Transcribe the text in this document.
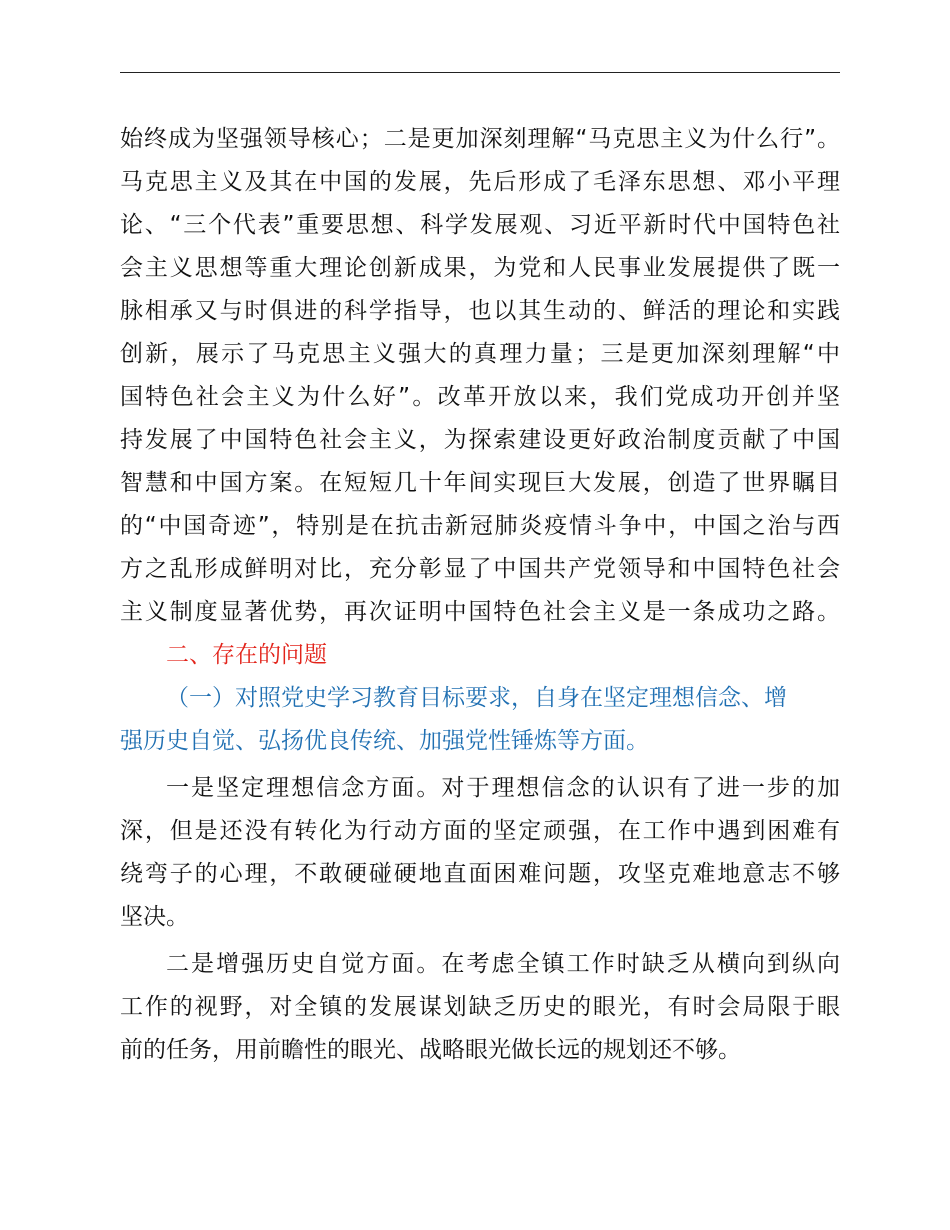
始终成为坚强领导核心；二是更加深刻理解“马克思主义为什么行”。
马克思主义及其在中国的发展，先后形成了毛泽东思想、邓小平理
论、“三个代表”重要思想、科学发展观、习近平新时代中国特色社
会主义思想等重大理论创新成果，为党和人民事业发展提供了既一
脉相承又与时俱进的科学指导，也以其生动的、鲜活的理论和实践
创新，展示了马克思主义强大的真理力量；三是更加深刻理解“中
国特色社会主义为什么好”。改革开放以来，我们党成功开创并坚
持发展了中国特色社会主义，为探索建设更好政治制度贡献了中国
智慧和中国方案。在短短几十年间实现巨大发展，创造了世界瞩目
的“中国奇迹”，特别是在抗击新冠肺炎疫情斗争中，中国之治与西
方之乱形成鲜明对比，充分彰显了中国共产党领导和中国特色社会
主义制度显著优势，再次证明中国特色社会主义是一条成功之路。
二、存在的问题
（一）对照党史学习教育目标要求，自身在坚定理想信念、增
强历史自觉、弘扬优良传统、加强党性锤炼等方面。
一是坚定理想信念方面。对于理想信念的认识有了进一步的加
深，但是还没有转化为行动方面的坚定顽强，在工作中遇到困难有
绕弯子的心理，不敢硬碰硬地直面困难问题，攻坚克难地意志不够
坚决。
二是增强历史自觉方面。在考虑全镇工作时缺乏从横向到纵向
工作的视野，对全镇的发展谋划缺乏历史的眼光，有时会局限于眼
前的任务，用前瞻性的眼光、战略眼光做长远的规划还不够。
